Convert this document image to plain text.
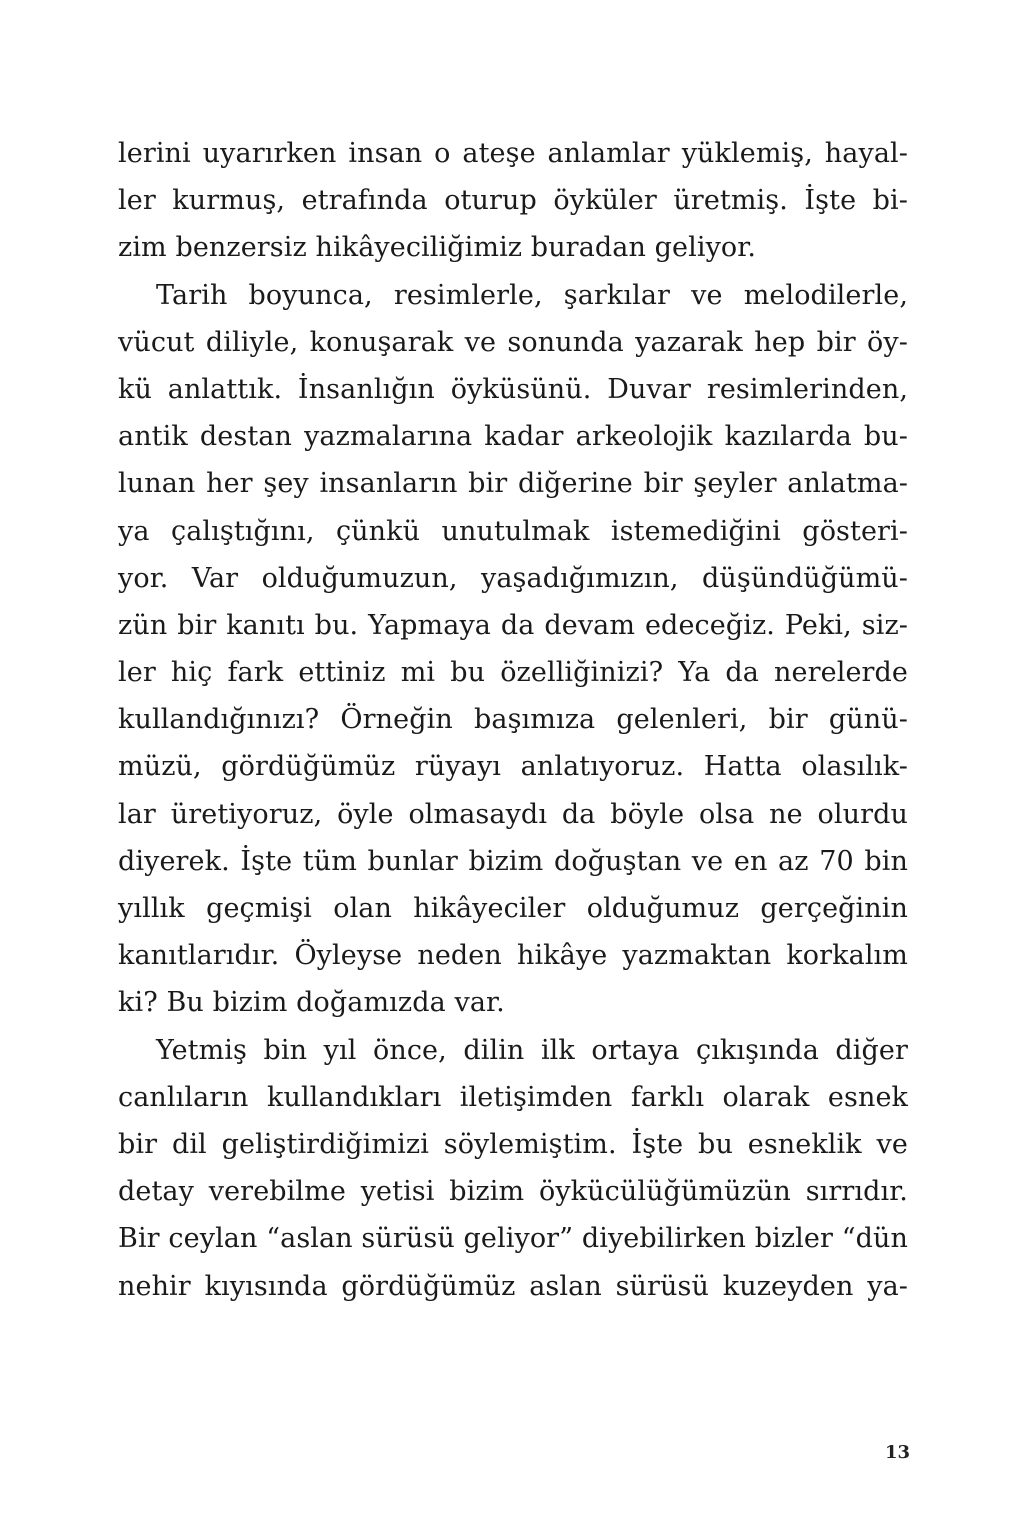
lerini uyarırken insan o ateşe anlamlar yüklemiş, hayal-
ler kurmuş, etrafında oturup öyküler üretmiş. İşte bi-
zim benzersiz hikâyeciliğimiz buradan geliyor.
Tarih boyunca, resimlerle, şarkılar ve melodilerle,
vücut diliyle, konuşarak ve sonunda yazarak hep bir öy-
kü anlattık. İnsanlığın öyküsünü. Duvar resimlerinden,
antik destan yazmalarına kadar arkeolojik kazılarda bu-
lunan her şey insanların bir diğerine bir şeyler anlatma-
ya çalıştığını, çünkü unutulmak istemediğini gösteri-
yor. Var olduğumuzun, yaşadığımızın, düşündüğümü-
zün bir kanıtı bu. Yapmaya da devam edeceğiz. Peki, siz-
ler hiç fark ettiniz mi bu özelliğinizi? Ya da nerelerde
kullandığınızı? Örneğin başımıza gelenleri, bir günü-
müzü, gördüğümüz rüyayı anlatıyoruz. Hatta olasılık-
lar üretiyoruz, öyle olmasaydı da böyle olsa ne olurdu
diyerek. İşte tüm bunlar bizim doğuştan ve en az 70 bin
yıllık geçmişi olan hikâyeciler olduğumuz gerçeğinin
kanıtlarıdır. Öyleyse neden hikâye yazmaktan korkalım
ki? Bu bizim doğamızda var.
Yetmiş bin yıl önce, dilin ilk ortaya çıkışında diğer
canlıların kullandıkları iletişimden farklı olarak esnek
bir dil geliştirdiğimizi söylemiştim. İşte bu esneklik ve
detay verebilme yetisi bizim öykücülüğümüzün sırrıdır.
Bir ceylan “aslan sürüsü geliyor” diyebilirken bizler “dün
nehir kıyısında gördüğümüz aslan sürüsü kuzeyden ya-
13
